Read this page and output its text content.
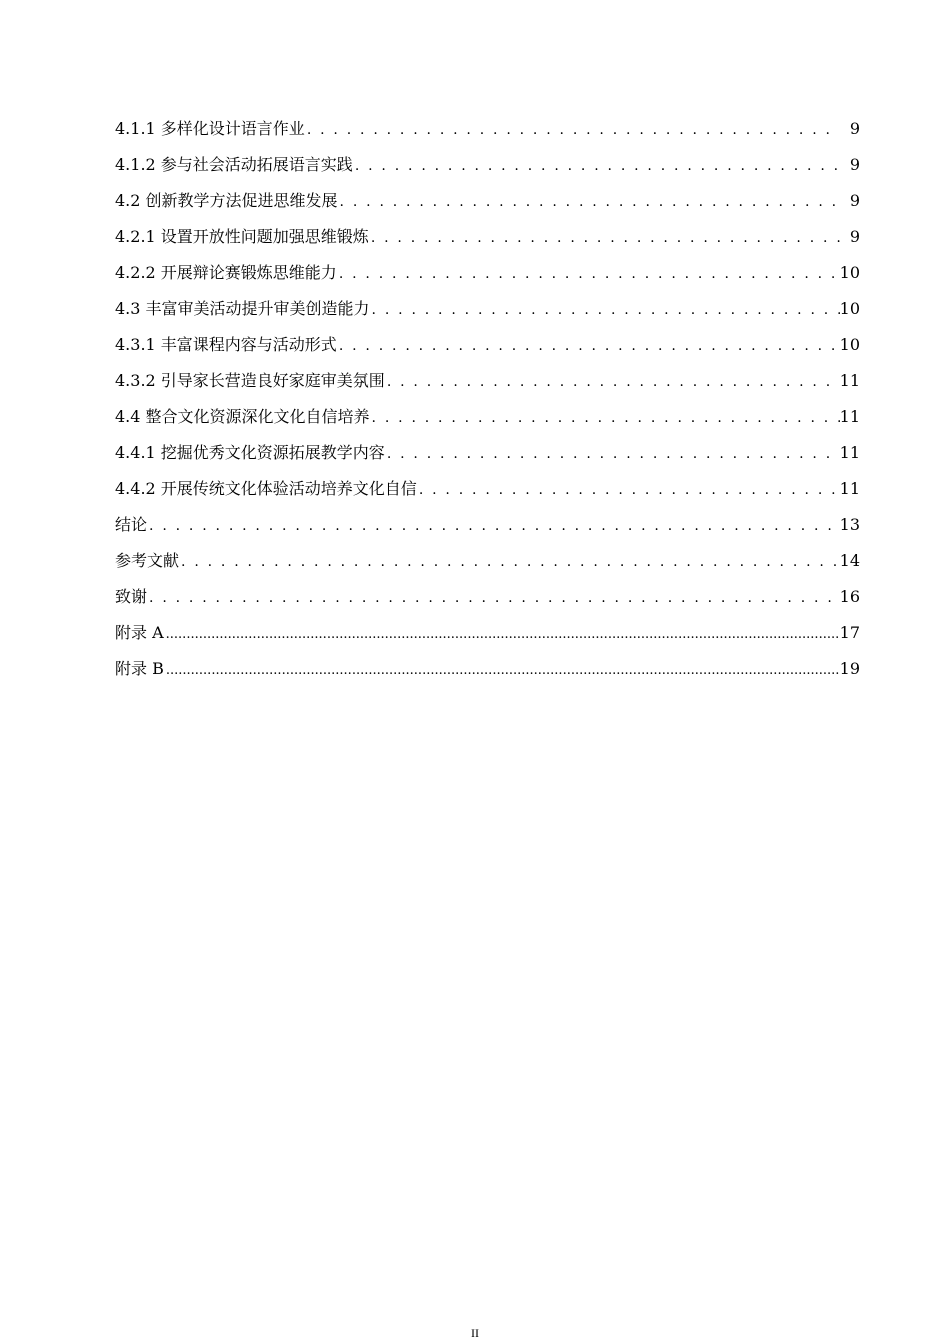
4.1.1 多样化设计语言作业 . . .	9
4.1.2 参与社会活动拓展语言实践 . . .	9
4.2 创新教学方法促进思维发展 . . .	9
4.2.1 设置开放性问题加强思维锻炼 . . .	9
4.2.2 开展辩论赛锻炼思维能力 . . .	10
4.3 丰富审美活动提升审美创造能力 . . .	10
4.3.1 丰富课程内容与活动形式 . . .	10
4.3.2 引导家长营造良好家庭审美氛围 . . .	11
4.4 整合文化资源深化文化自信培养 . . .	11
4.4.1 挖掘优秀文化资源拓展教学内容 . . .	11
4.4.2 开展传统文化体验活动培养文化自信 . . .	11
结论 . . .	13
参考文献 . . .	14
致谢 . . .	16
附录 A .....	17
附录 B .....	19
II
